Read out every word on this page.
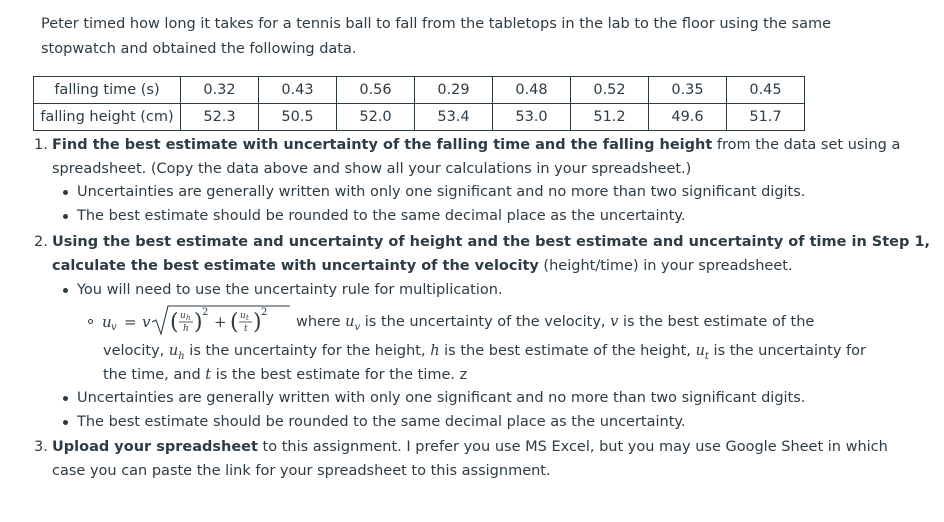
Peter timed how long it takes for a tennis ball to fall from the tabletops in the lab to the floor using the same stopwatch and obtained the following data.
falling time (s)	0.32	0.43	0.56	0.29	0.48	0.52	0.35	0.45
falling height (cm)	52.3	50.5	52.0	53.4	53.0	51.2	49.6	51.7
1. Find the best estimate with uncertainty of the falling time and the falling height from the data set using a
spreadsheet. (Copy the data above and show all your calculations in your spreadsheet.)
Uncertainties are generally written with only one significant and no more than two significant digits.
The best estimate should be rounded to the same decimal place as the uncertainty.
2. Using the best estimate and uncertainty of height and the best estimate and uncertainty of time in Step 1,
calculate the best estimate with uncertainty of the velocity (height/time) in your spreadsheet.
You will need to use the uncertainty rule for multiplication.
u v = v ( u h
h ) 2
+ ( u t
t ) 2
where $u_v$ is the uncertainty of the velocity, v is the best estimate of the
velocity, $u_h$ is the uncertainty for the height, h is the best estimate of the height, $u_t$ is the uncertainty for
the time, and t is the best estimate for the time. z
Uncertainties are generally written with only one significant and no more than two significant digits.
The best estimate should be rounded to the same decimal place as the uncertainty.
3. Upload your spreadsheet to this assignment. I prefer you use MS Excel, but you may use Google Sheet in which
case you can paste the link for your spreadsheet to this assignment.
